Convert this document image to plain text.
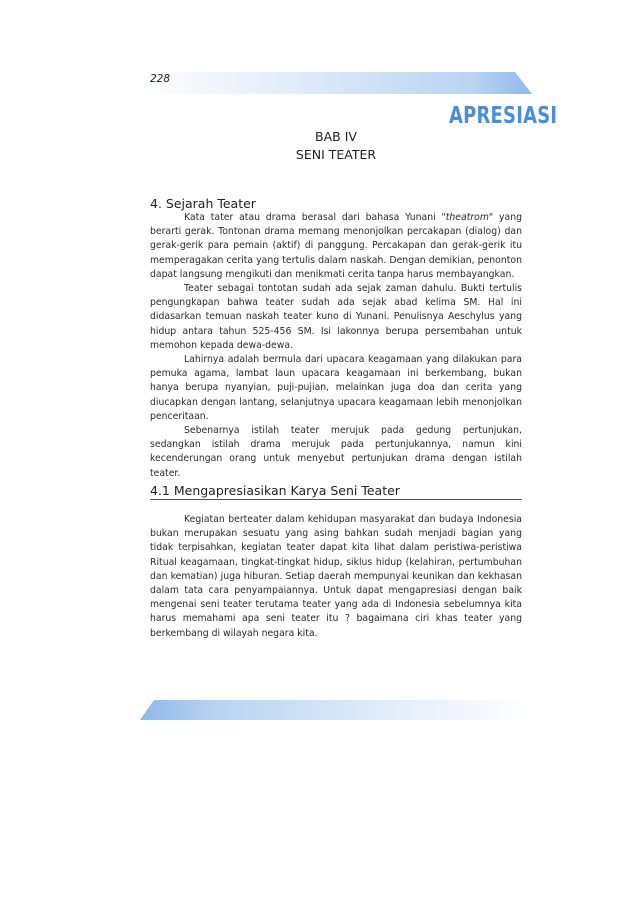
228
APRESIASI
BAB IV
SENI TEATER
4. Sejarah Teater

Kata tater atau drama berasal dari bahasa Yunani "theatrom" yang berarti gerak. Tontonan drama memang menonjolkan percakapan (dialog) dan gerak-gerik para pemain (aktif) di panggung. Percakapan dan gerak-gerik itu memperagakan cerita yang tertulis dalam naskah. Dengan demikian, penonton dapat langsung mengikuti dan menikmati cerita tanpa harus membayangkan.

Teater sebagai tontotan sudah ada sejak zaman dahulu. Bukti tertulis pengungkapan bahwa teater sudah ada sejak abad kelima SM. Hal ini didasarkan temuan naskah teater kuno di Yunani. Penulisnya Aeschylus yang hidup antara tahun 525-456 SM. Isi lakonnya berupa persembahan untuk memohon kepada dewa-dewa.

Lahirnya adalah bermula dari upacara keagamaan yang dilakukan para pemuka agama, lambat laun upacara keagamaan ini berkembang, bukan hanya berupa nyanyian, puji-pujian, melainkan juga doa dan cerita yang diucapkan dengan lantang, selanjutnya upacara keagamaan lebih menonjolkan penceritaan.

Sebenarnya istilah teater merujuk pada gedung pertunjukan, sedangkan istilah drama merujuk pada pertunjukannya, namun kini kecenderungan orang untuk menyebut pertunjukan drama dengan istilah teater.

4.1 Mengapresiasikan Karya Seni Teater

Kegiatan berteater dalam kehidupan masyarakat dan budaya Indonesia bukan merupakan sesuatu yang asing bahkan sudah menjadi bagian yang tidak terpisahkan, kegiatan teater dapat kita lihat dalam peristiwa-peristiwa Ritual keagamaan, tingkat-tingkat hidup, siklus hidup (kelahiran, pertumbuhan dan kematian) juga hiburan. Setiap daerah mempunyai keunikan dan kekhasan dalam tata cara penyampaiannya. Untuk dapat mengapresiasi dengan baik mengenai seni teater terutama teater yang ada di Indonesia sebelumnya kita harus memahami apa seni teater itu ? bagaimana ciri khas teater yang berkembang di wilayah negara kita.
